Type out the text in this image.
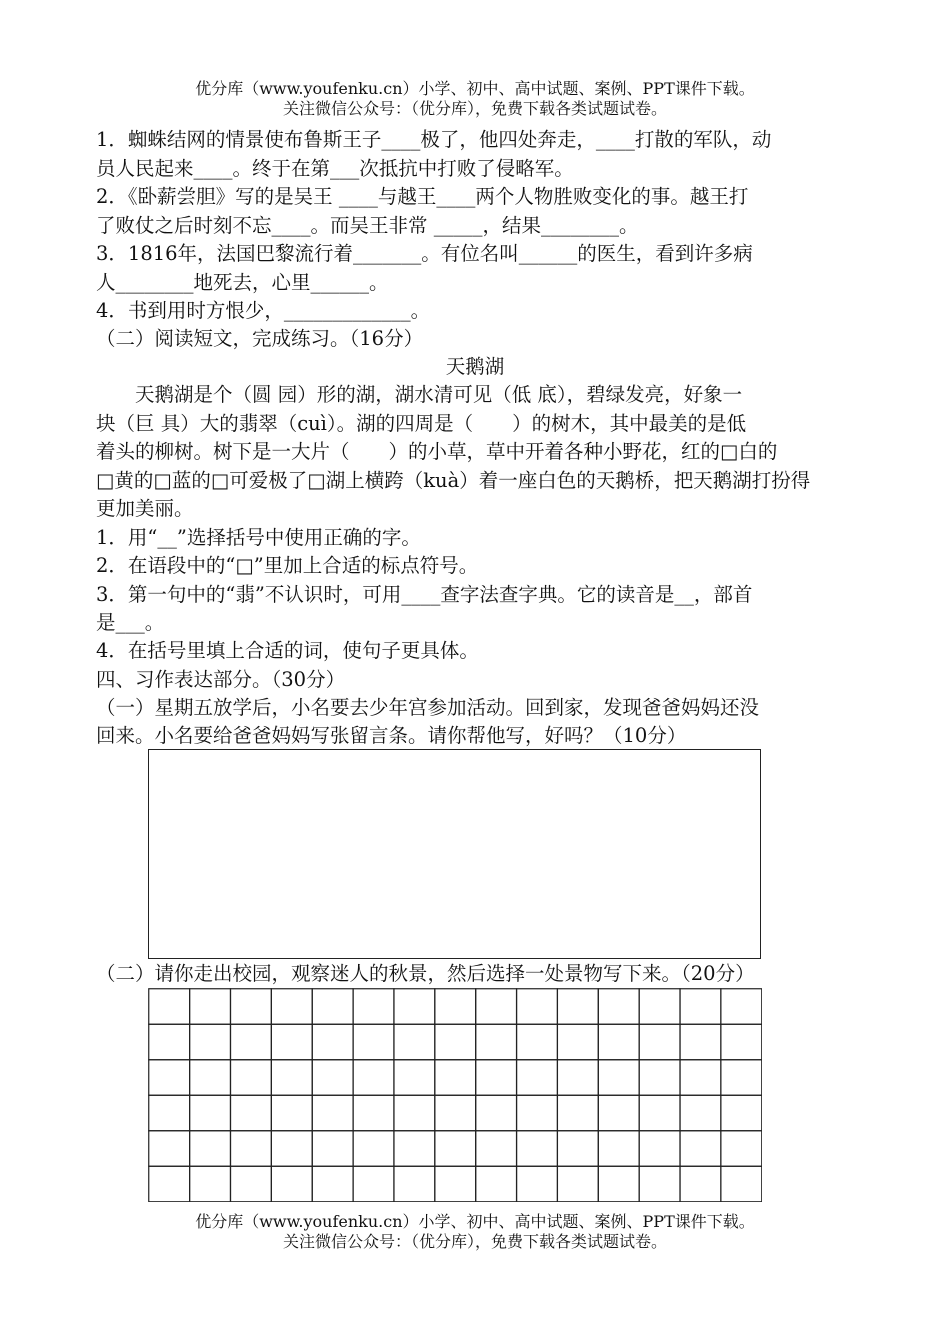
优分库（www.youfenku.cn）小学、初中、高中试题、案例、PPT课件下载。
关注微信公众号：（优分库），免费下载各类试题试卷。
1．蜘蛛结网的情景使布鲁斯王子____极了，他四处奔走，____打散的军队，动
员人民起来____。终于在第___次抵抗中打败了侵略军。
2．《卧薪尝胆》写的是吴王 ____与越王____两个人物胜败变化的事。越王打
了败仗之后时刻不忘____。而吴王非常 _____，结果________。
3．1816年，法国巴黎流行着_______。有位名叫______的医生，看到许多病
人________地死去，心里______。
4．书到用时方恨少，_____________。
（二）阅读短文，完成练习。（16分）
天鹅湖
　　天鹅湖是个（圆 园）形的湖，湖水清可见（低 底），碧绿发亮，好象一
块（巨 具）大的翡翠（cuì）。湖的四周是（　　）的树木，其中最美的是低
着头的柳树。树下是一大片（　　）的小草，草中开着各种小野花，红的□白的
□黄的□蓝的□可爱极了□湖上横跨（kuà）着一座白色的天鹅桥，把天鹅湖打扮得
更加美丽。
1．用“__”选择括号中使用正确的字。
2．在语段中的“□”里加上合适的标点符号。
3．第一句中的“翡”不认识时，可用____查字法查字典。它的读音是__，部首
是___。
4．在括号里填上合适的词，使句子更具体。
四、习作表达部分。（30分）
（一）星期五放学后，小名要去少年宫参加活动。回到家，发现爸爸妈妈还没
回来。小名要给爸爸妈妈写张留言条。请你帮他写，好吗？（10分）
（二）请你走出校园，观察迷人的秋景，然后选择一处景物写下来。（20分）
优分库（www.youfenku.cn）小学、初中、高中试题、案例、PPT课件下载。
关注微信公众号：（优分库），免费下载各类试题试卷。
